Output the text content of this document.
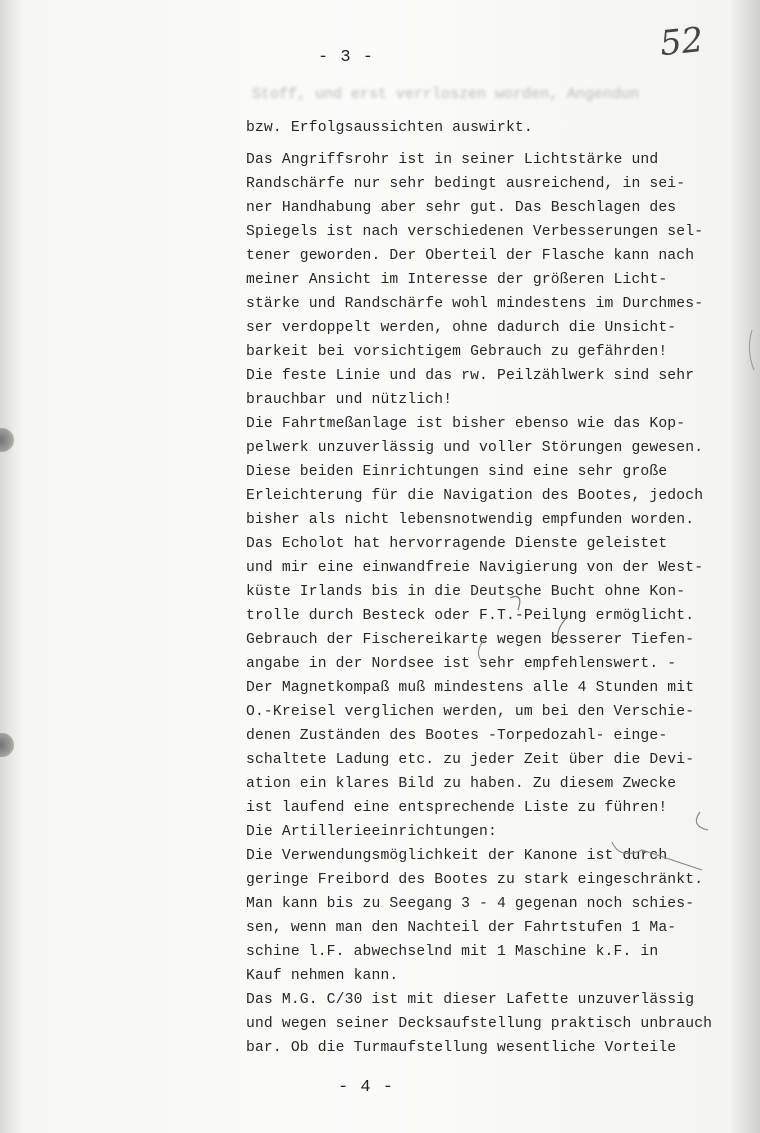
- 3 -	52
Stoff, und erst verrloszen worden, Angendun
bzw. Erfolgsaussichten auswirkt.
Das Angriffsrohr ist in seiner Lichtstärke und
Randschärfe nur sehr bedingt ausreichend, in sei-
ner Handhabung aber sehr gut. Das Beschlagen des
Spiegels ist nach verschiedenen Verbesserungen sel-
tener geworden. Der Oberteil der Flasche kann nach
meiner Ansicht im Interesse der größeren Licht-
stärke und Randschärfe wohl mindestens im Durchmes-
ser verdoppelt werden, ohne dadurch die Unsicht-
barkeit bei vorsichtigem Gebrauch zu gefährden!
Die feste Linie und das rw. Peilzählwerk sind sehr
brauchbar und nützlich!
Die Fahrtmeßanlage ist bisher ebenso wie das Kop-
pelwerk unzuverlässig und voller Störungen gewesen.
Diese beiden Einrichtungen sind eine sehr große
Erleichterung für die Navigation des Bootes, jedoch
bisher als nicht lebensnotwendig empfunden worden.
Das Echolot hat hervorragende Dienste geleistet
und mir eine einwandfreie Navigierung von der West-
küste Irlands bis in die Deutsche Bucht ohne Kon-
trolle durch Besteck oder F.T.-Peilung ermöglicht.
Gebrauch der Fischereikarte wegen besserer Tiefen-
angabe in der Nordsee ist sehr empfehlenswert. -
Der Magnetkompaß muß mindestens alle 4 Stunden mit
O.-Kreisel verglichen werden, um bei den Verschie-
denen Zuständen des Bootes -Torpedozahl- einge-
schaltete Ladung etc. zu jeder Zeit über die Devi-
ation ein klares Bild zu haben. Zu diesem Zwecke
ist laufend eine entsprechende Liste zu führen!
Die Artillerieeinrichtungen:
Die Verwendungsmöglichkeit der Kanone ist durch
geringe Freibord des Bootes zu stark eingeschränkt.
Man kann bis zu Seegang 3 - 4 gegenan noch schies-
sen, wenn man den Nachteil der Fahrtstufen 1 Ma-
schine l.F. abwechselnd mit 1 Maschine k.F. in
Kauf nehmen kann.
Das M.G. C/30 ist mit dieser Lafette unzuverlässig
und wegen seiner Decksaufstellung praktisch unbrauch
bar. Ob die Turmaufstellung wesentliche Vorteile
- 4 -
